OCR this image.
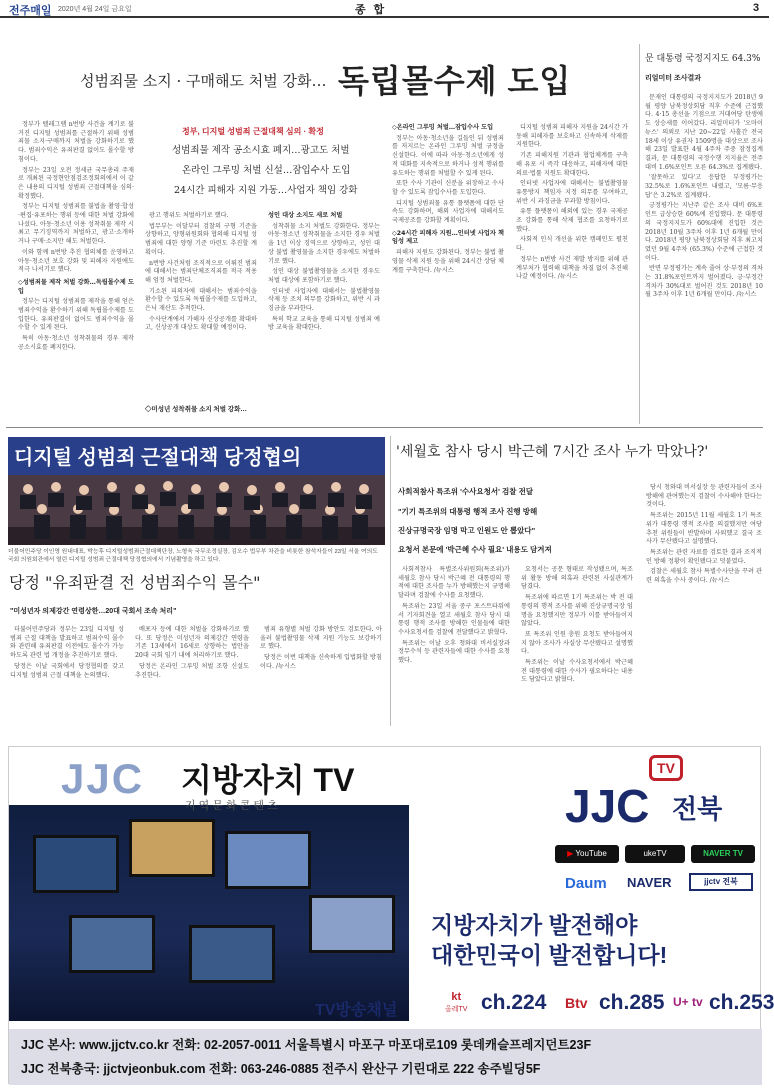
전주매일 2020년 4월 24일 금요일	종 합	3
성범죄물 소지 · 구매해도 처벌 강화… 독립몰수제 도입

정부가 텔레그램 n번방 사건을 계기로 불거진 디지털 성범죄를 근절하기 위해 성범죄물 소지·구매까지 처벌을 강화하기로 했다. 범죄수익은 유죄판결 없이도 몰수할 방침이다.

정부는 23일 오전 정세균 국무총리 주재로 개최된 국정현안점검조정회의에서 이 같은 내용의 디지털 성범죄 근절대책을 심의·확정했다.

정부는 디지털 성범죄를 불법을 촬영·합성·편집·유포하는 행위 등에 대한 처벌 강화에 나섰다. 아동·청소년 이용 성착취물 제작 시 최고 무기징역까지 처벌하고, 광고·소개하거나 구매·소지만 해도 처벌한다.

이와 함께 n번방 추진 협의체를 운영하고 아동·청소년 보호 강화 및 피해자 지원에도 적극 나서기로 했다.

◇성범죄물 제작 처벌 강화…독립몰수제 도입

정부는 디지털 성범죄를 제작을 통해 얻은 범죄수익을 환수하기 위해 독립몰수제를 도입한다. 유죄판결이 없어도 범죄수익을 몰수할 수 있게 된다.

특히 아동·청소년 성착취물의 경우 제작 공소시효를 폐지한다.

정부, 디지털 성범죄 근절대책 심의 · 확정
성범죄물 제작 공소시효 폐지…광고도 처벌
온라인 그루밍 처벌 신설…잠입수사 도입
24시간 피해자 지원 가동…사업자 책임 강화

광고 행위도 처벌하기로 했다.

법무부는 이달부터 검찰의 구형 기준을 상향하고, 양형위원회와 협의해 디지털 성범죄에 대한 양형 기준 마련도 추진할 계획이다.

n번방 사건처럼 조직적으로 이뤄진 범죄에 대해서는 범죄단체조직죄를 적극 적용해 엄정 처벌한다.

기소된 피의자에 대해서는 범죄수익을 환수할 수 있도록 독립몰수제를 도입하고, 은닉 재산도 추적한다.

수사단계에서 가해자 신상공개를 확대하고, 신상공개 대상도 확대할 예정이다.

◇미성년 성착취물 소지 처벌 강화…

성인 대상 소지도 새로 처벌

성착취물 소지 처벌도 강화한다. 정부는 아동·청소년 성착취물을 소지한 경우 처벌을 1년 이상 징역으로 상향하고, 성인 대상 불법 촬영물을 소지한 경우에도 처벌하기로 했다.

성인 대상 불법촬영물을 소지한 경우도 처벌 대상에 포함하기로 했다.

인터넷 사업자에 대해서는 불법촬영물 삭제 등 조치 의무를 강화하고, 위반 시 과징금을 부과한다.

특히 학교 교육을 통해 디지털 성범죄 예방 교육을 확대한다.

◇온라인 그루밍 처벌…잠입수사 도입

정부는 아동·청소년을 길들인 뒤 성범죄를 저지르는 온라인 그루밍 처벌 규정을 신설한다. 이에 따라 아동·청소년에게 성적 대화를 지속적으로 하거나 성적 행위를 유도하는 행위를 처벌할 수 있게 된다.

또한 수사 기관이 신분을 위장하고 수사할 수 있도록 잠입수사를 도입한다.

디지털 성범죄물 유통 플랫폼에 대한 단속도 강화하며, 해외 사업자에 대해서도 국제공조를 강화할 계획이다.

◇24시간 피해자 지원…인터넷 사업자 책임성 제고

피해자 지원도 강화된다. 정부는 불법 촬영물 삭제 지원 등을 위해 24시간 상담 체계를 구축한다. /뉴시스

디지털 성범죄 피해자 지원을 24시간 가동해 피해자를 보호하고 신속하게 삭제를 지원한다.

기존 피해지원 기관과 협업체계를 구축해 유포 시 즉각 대응하고, 피해자에 대한 의료·법률 지원도 확대한다.

인터넷 사업자에 대해서는 불법촬영물 유통방지 책임자 지정 의무를 부여하고, 위반 시 과징금을 부과할 방침이다.

유통 플랫폼이 해외에 있는 경우 국제공조 강화를 통해 삭제 협조를 요청하기로 했다.

사회적 인식 개선을 위한 캠페인도 펼친다.

정부는 n번방 사건 재발 방지를 위해 관계부처가 협력해 대책을 차질 없이 추진해 나갈 예정이다. /뉴시스

문 대통령 국정지지도 64.3%
리얼미터 조사결과

문재인 대통령의 국정지지도가 2018년 9월 평양 남북정상회담 직후 수준에 근접했다. 4·15 총선을 기점으로 거대여당 탄생에도 상승세를 이어갔다. 리얼미터가 '오마이뉴스' 의뢰로 지난 20~22일 사흘간 전국 18세 이상 유권자 1509명을 대상으로 조사해 23일 발표한 4월 4주차 주중 잠정집계 결과, 문 대통령의 국정수행 지지율은 전주 대비 1.6%포인트 오른 64.3%로 집계됐다.

'잘못하고 있다'고 응답한 부정평가는 32.5%로 1.6%포인트 내렸고, '모름·무응답'은 3.2%로 집계됐다.

긍정평가는 지난주 같은 조사 대비 6%포인트 급상승한 60%에 진입했다. 문 대통령의 국정지지도가 60%대에 진입한 것은 2018년 10월 3주차 이후 1년 6개월 만이다. 2018년 평양 남북정상회담 직후 최고치였던 9월 4주차 (65.3%) 수준에 근접한 것이다.

반면 부정평가는 계속 줄어 상·부정의 격차는 31.8%포인트까지 벌어졌다. 긍·부정간 격차가 30%대로 벌어진 것도 2018년 10월 3주차 이후 1년 6개월 만이다. /뉴시스

디지털 성범죄 근절대책 당정협의
더불어민주당 이인영 원내대표, 박능후 디지털성범죄근절대책단장, 노형욱 국무조정실장, 김오수 법무부 차관을 비롯한 참석자들이 23일 서울 여의도 국회 의원회관에서 열린 디지털 성범죄 근절대책 당정협의에서 기념촬영을 하고 있다.
당정 "유죄판결 전 성범죄수익 몰수"
"미성년자 의제강간 연령상한…20대 국회서 조속 처리"

더불어민주당과 정부는 23일 디지털 성범죄 근절 대책을 발표하고 범죄수익 몰수와 관련해 유죄판결 이전에도 몰수가 가능하도록 관련 법 개정을 추진하기로 했다.

당정은 이날 국회에서 당정협의를 갖고 디지털 성범죄 근절 대책을 논의했다.

배포자 등에 대한 처벌을 강화하기로 했다. 또 당정은 미성년자 의제강간 연령을 기존 13세에서 16세로 상향하는 법안을 20대 국회 임기 내에 처리하기로 했다.

당정은 온라인 그루밍 처벌 조항 신설도 추진한다.

범죄 유형별 처벌 강화 방안도 검토한다. 아울러 불법촬영물 삭제 지원 기능도 보강하기로 했다.

당정은 이번 대책을 신속하게 입법화할 방침이다. /뉴시스

'세월호 참사 당시 박근혜 7시간 조사 누가 막았나?'
사회적참사 특조위 '수사요청서' 검찰 전달
"기기 특조위의 대통령 행적 조사 진행 방해
진상규명국장 임명 막고 인원도 안 뽑았다"
요청서 본문에 '박근혜 수사 필요' 내용도 담겨져

사회적참사 특별조사위원회(특조위)가 세월호 참사 당시 박근혜 전 대통령의 행적에 대한 조사를 누가 방해했는지 규명해달라며 검찰에 수사를 요청했다.

특조위는 23일 서울 중구 포스트타워에서 기자회견을 열고 세월호 참사 당시 대통령 행적 조사를 방해한 인물들에 대한 수사요청서를 검찰에 전달했다고 밝혔다.

특조위는 이날 오후 청와대 비서실장과 정무수석 등 관련자들에 대한 수사를 요청했다.

요청서는 공문 형태로 작성됐으며, 특조위 활동 방해 의혹과 관련된 사실관계가 담겼다.

특조위에 따르면 1기 특조위는 박 전 대통령의 행적 조사를 위해 진상규명국장 임명을 요청했지만 정부가 이를 받아들이지 않았다.

또 특조위 인원 충원 요청도 받아들여지지 않아 조사가 사실상 무산됐다고 설명했다.

특조위는 이날 수사요청서에서 박근혜 전 대통령에 대한 수사가 필요하다는 내용도 담았다고 밝혔다.

당시 청와대 비서실장 등 관련자들이 조사 방해에 관여했는지 검찰이 수사해야 한다는 것이다.

특조위는 2015년 11월 세월호 1기 특조위가 대통령 행적 조사를 의결했지만 여당 추천 위원들이 반발하며 사퇴했고 결국 조사가 무산됐다고 설명했다.

특조위는 관련 자료를 검토한 결과 조직적인 방해 정황이 확인됐다고 덧붙였다.

검찰은 세월호 참사 특별수사단을 꾸려 관련 의혹을 수사 중이다. /뉴시스

JJC 지방자치 TV
지 역 문 화 콘 텐 츠	JJC 전북
TV
▶ YouTube	ukeTV	NAVER TV
Daum NAVER	jjctv 전북
지방자치가 발전해야
대한민국이 발전합니다!
TV방송채널
kt
올레TV ch.224 Btv ch.285 U+ tv ch.253
JJC 본사: www.jjctv.co.kr 전화: 02-2057-0011 서울특별시 마포구 마포대로109 롯데캐슬프레지던트23F
JJC 전북총국: jjctvjeonbuk.com 전화: 063-246-0885 전주시 완산구 기린대로 222 송주빌딩5F
